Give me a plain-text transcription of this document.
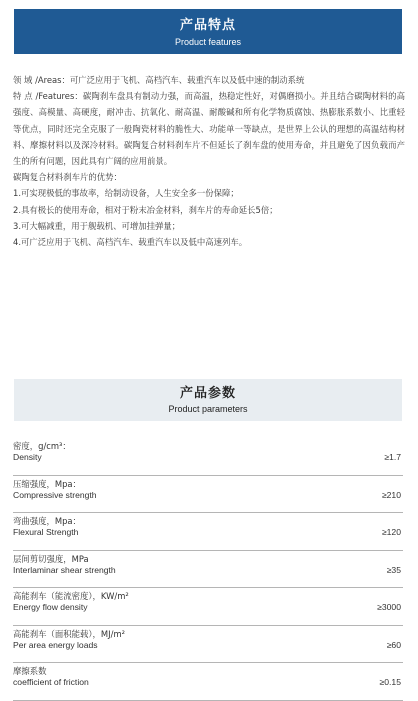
产品特点
Product features

领 域 /Areas：可广泛应用于飞机、高档汽车、载重汽车以及低中速的制动系统

特 点 /Features：碳陶刹车盘具有制动力强，而高温，热稳定性好，对偶磨损小。并且结合碳陶材料的高强度、高模量、高硬度，耐冲击、抗氧化、耐高温、耐酸碱和所有化学物质腐蚀、热膨胀系数小、比重轻等优点，同时还完全克服了一般陶瓷材料的脆性大、功能单一等缺点，是世界上公认的理想的高温结构材料、摩擦材料以及深冷材料。碳陶复合材料刹车片不但延长了刹车盘的使用寿命，并且避免了因负载而产生的所有问题，因此具有广阔的应用前景。

碳陶复合材料刹车片的优势：

1.可实现极低的事故率，给制动设备，人生安全多一份保障；

2.具有极长的使用寿命，相对于粉末冶金材料，刹车片的寿命延长5倍；

3.可大幅减重，用于舰载机、可增加挂弹量；

4.可广泛应用于飞机、高档汽车、载重汽车以及低中高速列车。

产品参数
Product parameters
密度，g/cm³：
Density	≥1.7
压缩强度，Mpa：
Compressive strength	≥210
弯曲强度，Mpa：
Flexural Strength	≥120
层间剪切强度，MPa
Interlaminar shear strength	≥35
高能刹车（能流密度），KW/m²
Energy flow density	≥3000
高能刹车（面积能载），MJ/m²
Per area energy loads	≥60
摩擦系数
coefficient of friction	≥0.15
